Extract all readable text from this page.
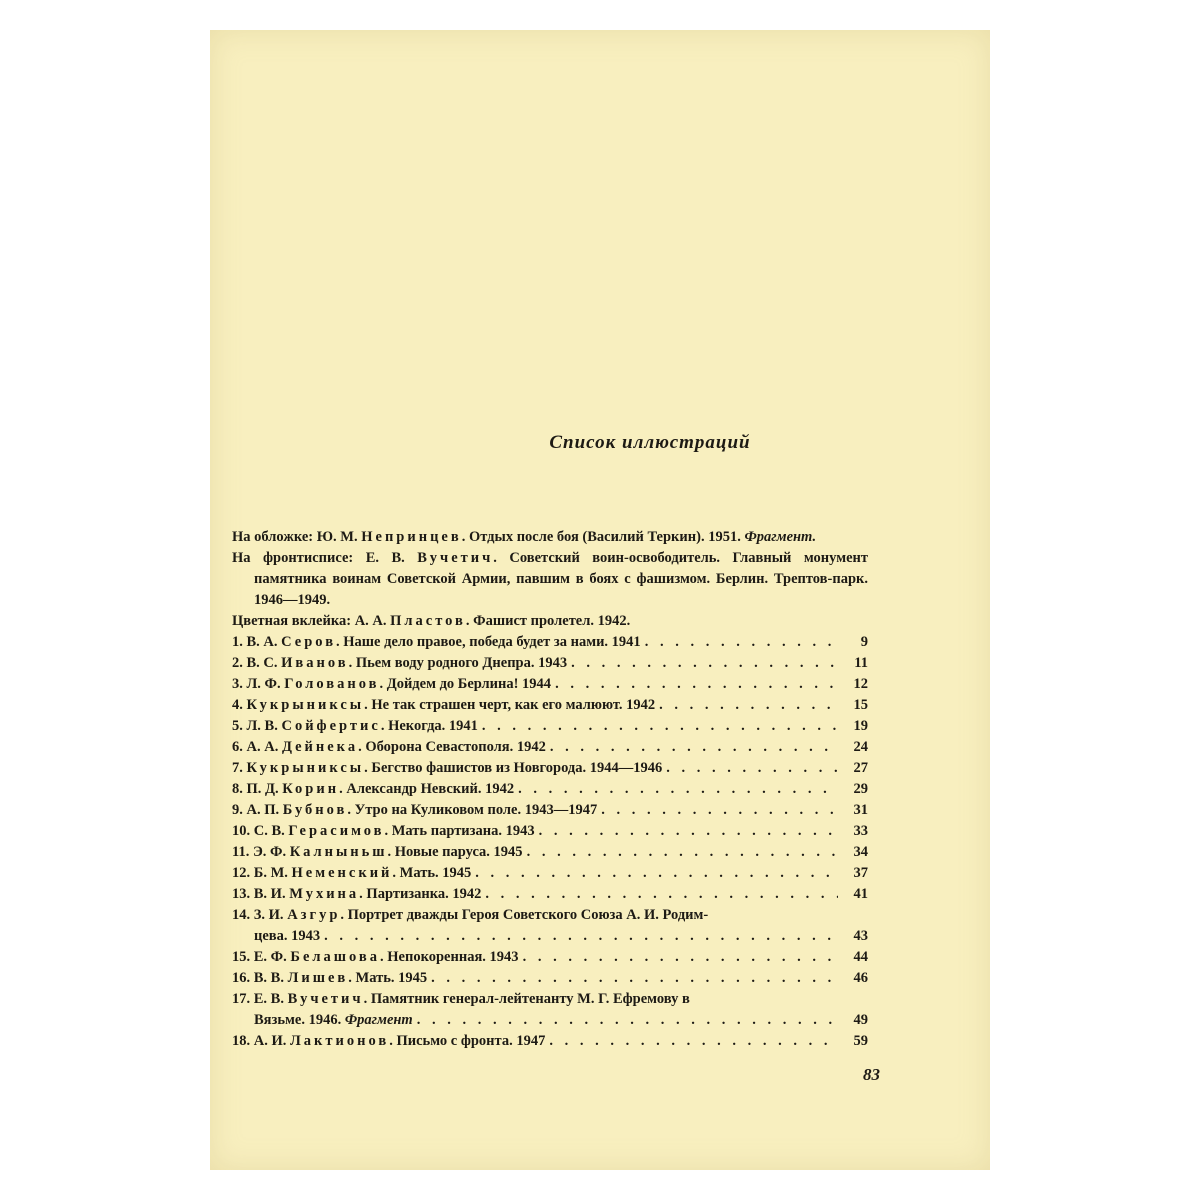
Список иллюстраций
На обложке: Ю. М. Непринцев. Отдых после боя (Василий Теркин). 1951. Фрагмент.
На фронтисписе: Е. В. Вучетич. Советский воин-освободитель. Главный монумент памятника воинам Советской Армии, павшим в боях с фашизмом. Берлин. Трептов-парк. 1946—1949.
Цветная вклейка: А. А. Пластов. Фашист пролетел. 1942.
1. В. А. Серов. Наше дело правое, победа будет за нами. 1941 . . .	9
2. В. С. Иванов. Пьем воду родного Днепра. 1943 . . .	11
3. Л. Ф. Голованов. Дойдем до Берлина! 1944 . . .	12
4. Кукрыниксы. Не так страшен черт, как его малюют. 1942 . . .	15
5. Л. В. Сойфертис. Некогда. 1941 . . .	19
6. А. А. Дейнека. Оборона Севастополя. 1942 . . .	24
7. Кукрыниксы. Бегство фашистов из Новгорода. 1944—1946 . . .	27
8. П. Д. Корин. Александр Невский. 1942 . . .	29
9. А. П. Бубнов. Утро на Куликовом поле. 1943—1947 . . .	31
10. С. В. Герасимов. Мать партизана. 1943 . . .	33
11. Э. Ф. Калныньш. Новые паруса. 1945 . . .	34
12. Б. М. Неменский. Мать. 1945 . . .	37
13. В. И. Мухина. Партизанка. 1942 . . .	41
14. З. И. Азгур. Портрет дважды Героя Советского Союза А. И. Родим-
цева. 1943 . . .	43
15. Е. Ф. Белашова. Непокоренная. 1943 . . .	44
16. В. В. Лишев. Мать. 1945 . . .	46
17. Е. В. Вучетич. Памятник генерал-лейтенанту М. Г. Ефремову в
Вязьме. 1946. Фрагмент . . .	49
18. А. И. Лактионов. Письмо с фронта. 1947 . . .	59
83
